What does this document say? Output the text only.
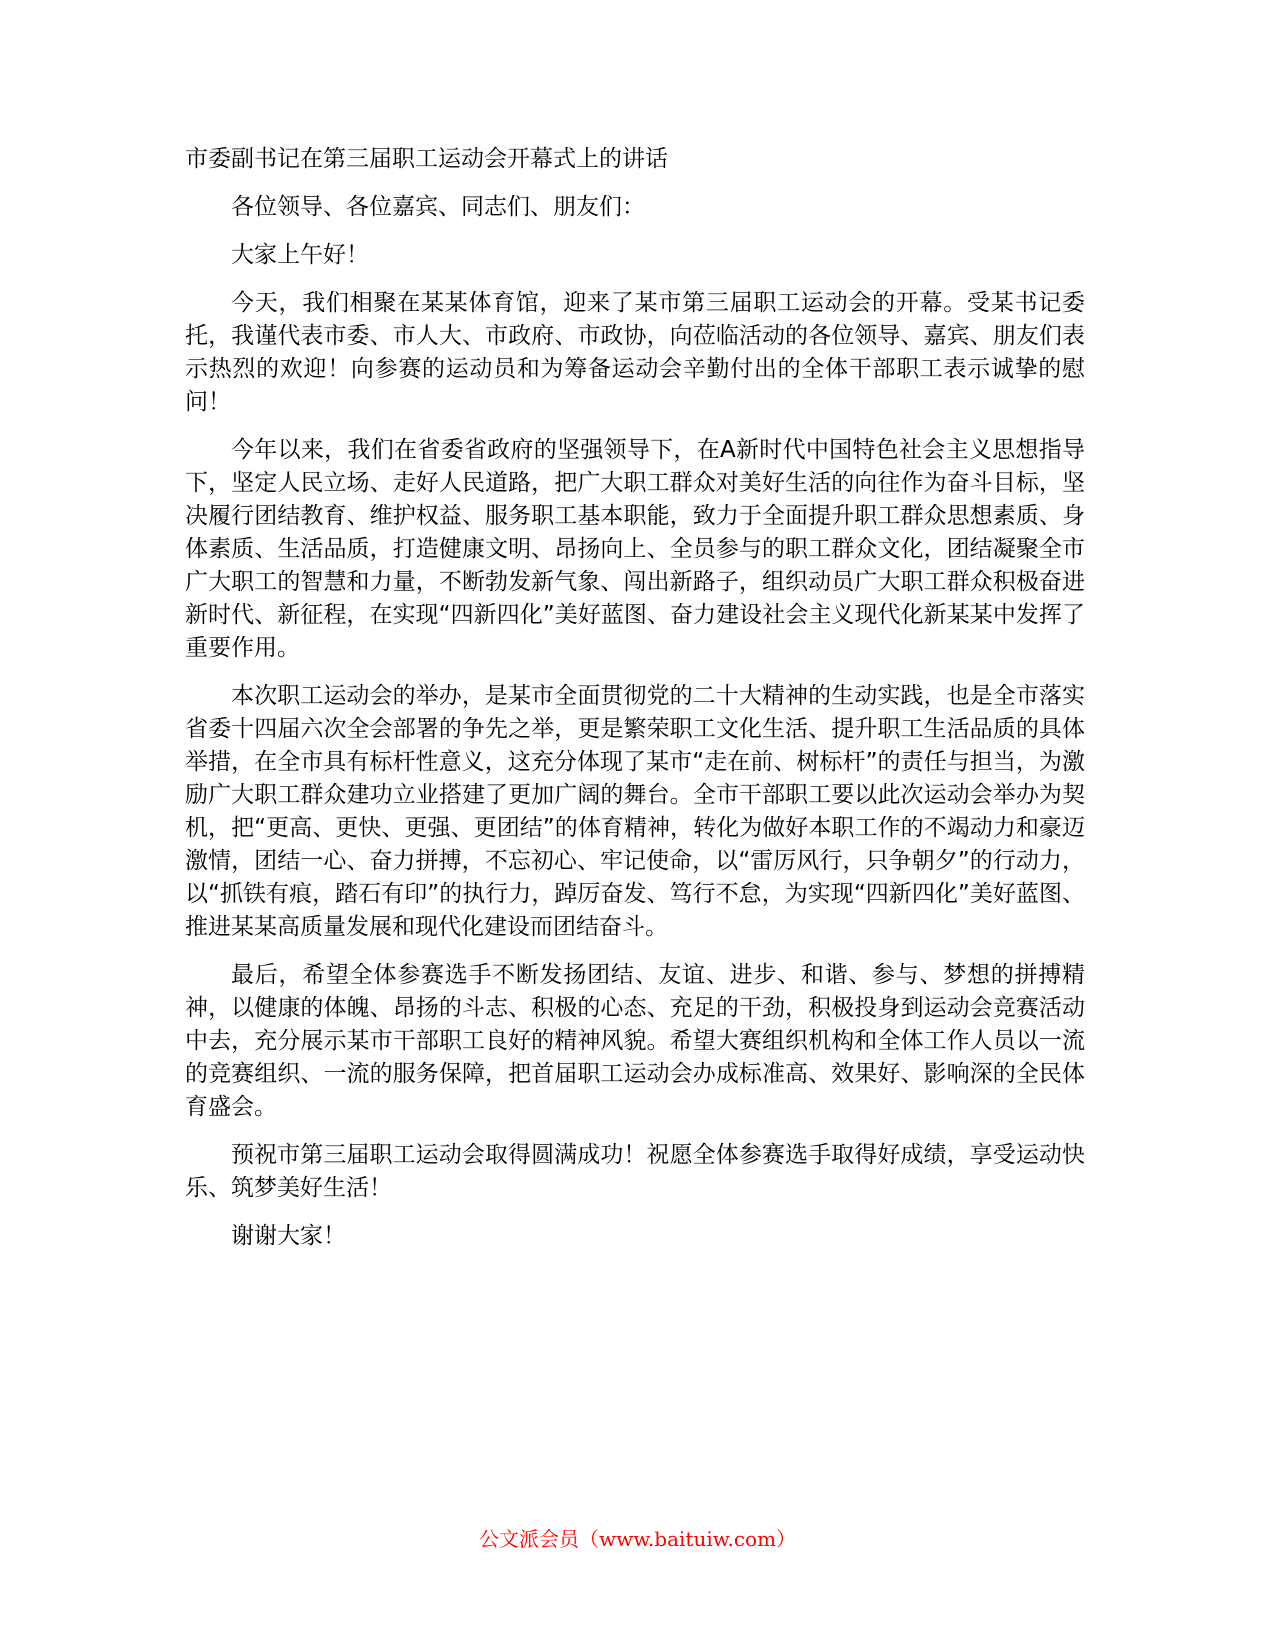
市委副书记在第三届职工运动会开幕式上的讲话

各位领导、各位嘉宾、同志们、朋友们：

大家上午好！

今天，我们相聚在某某体育馆，迎来了某市第三届职工运动会的开幕。受某书记委托，我谨代表市委、市人大、市政府、市政协，向莅临活动的各位领导、嘉宾、朋友们表示热烈的欢迎！向参赛的运动员和为筹备运动会辛勤付出的全体干部职工表示诚挚的慰问！

今年以来，我们在省委省政府的坚强领导下，在A新时代中国特色社会主义思想指导下，坚定人民立场、走好人民道路，把广大职工群众对美好生活的向往作为奋斗目标，坚决履行团结教育、维护权益、服务职工基本职能，致力于全面提升职工群众思想素质、身体素质、生活品质，打造健康文明、昂扬向上、全员参与的职工群众文化，团结凝聚全市广大职工的智慧和力量，不断勃发新气象、闯出新路子，组织动员广大职工群众积极奋进新时代、新征程，在实现“四新四化”美好蓝图、奋力建设社会主义现代化新某某中发挥了重要作用。

本次职工运动会的举办，是某市全面贯彻党的二十大精神的生动实践，也是全市落实省委十四届六次全会部署的争先之举，更是繁荣职工文化生活、提升职工生活品质的具体举措，在全市具有标杆性意义，这充分体现了某市“走在前、树标杆”的责任与担当，为激励广大职工群众建功立业搭建了更加广阔的舞台。全市干部职工要以此次运动会举办为契机，把“更高、更快、更强、更团结”的体育精神，转化为做好本职工作的不竭动力和豪迈激情，团结一心、奋力拼搏，不忘初心、牢记使命，以“雷厉风行，只争朝夕”的行动力，以“抓铁有痕，踏石有印”的执行力，踔厉奋发、笃行不怠，为实现“四新四化”美好蓝图、推进某某高质量发展和现代化建设而团结奋斗。

最后，希望全体参赛选手不断发扬团结、友谊、进步、和谐、参与、梦想的拼搏精神，以健康的体魄、昂扬的斗志、积极的心态、充足的干劲，积极投身到运动会竞赛活动中去，充分展示某市干部职工良好的精神风貌。希望大赛组织机构和全体工作人员以一流的竞赛组织、一流的服务保障，把首届职工运动会办成标准高、效果好、影响深的全民体育盛会。

预祝市第三届职工运动会取得圆满成功！祝愿全体参赛选手取得好成绩，享受运动快乐、筑梦美好生活！

谢谢大家！

公文派会员（www.baituiw.com）
